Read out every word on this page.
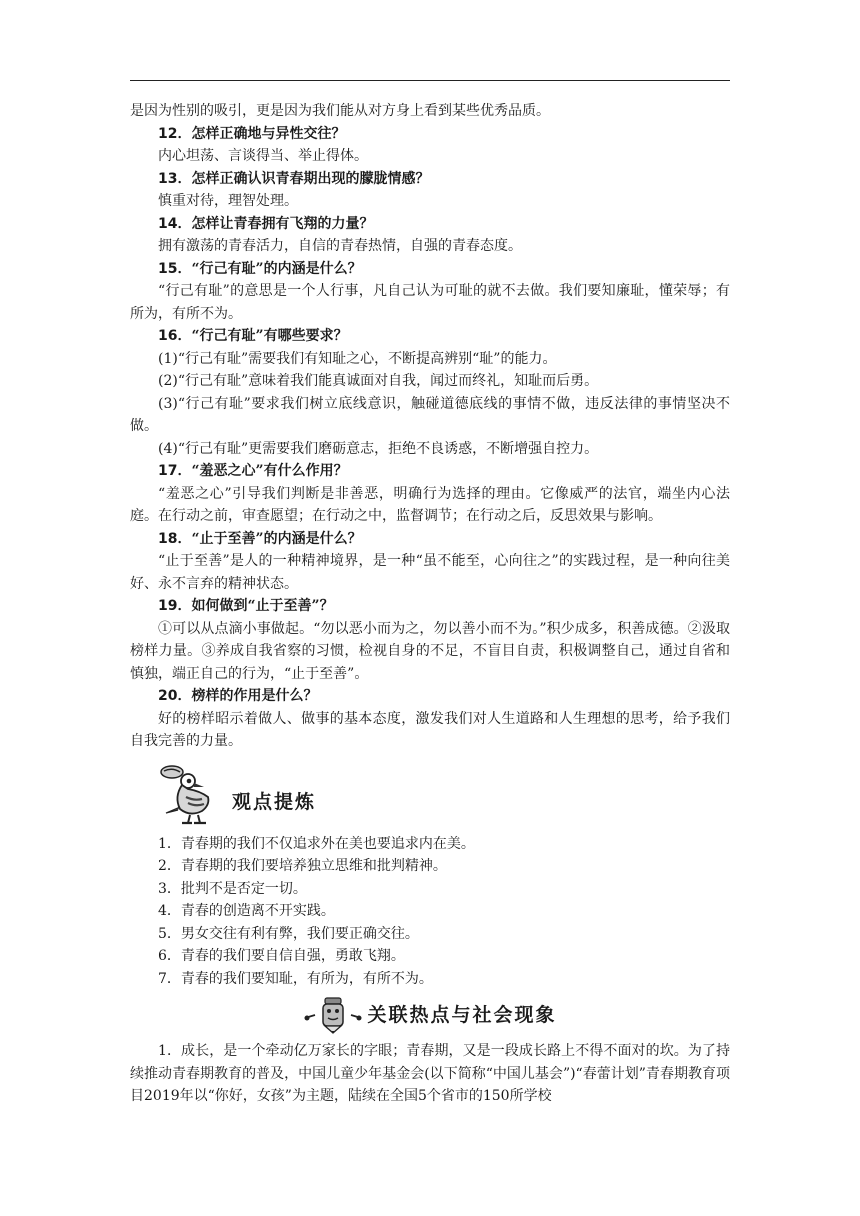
是因为性别的吸引，更是因为我们能从对方身上看到某些优秀品质。

12．怎样正确地与异性交往？

内心坦荡、言谈得当、举止得体。

13．怎样正确认识青春期出现的朦胧情感？

慎重对待，理智处理。

14．怎样让青春拥有飞翔的力量？

拥有激荡的青春活力，自信的青春热情，自强的青春态度。

15．“行己有耻”的内涵是什么？

“行己有耻”的意思是一个人行事，凡自己认为可耻的就不去做。我们要知廉耻，懂荣辱；有所为，有所不为。

16．“行己有耻”有哪些要求？

(1)“行己有耻”需要我们有知耻之心，不断提高辨别“耻”的能力。

(2)“行己有耻”意味着我们能真诚面对自我，闻过而终礼，知耻而后勇。

(3)“行己有耻”要求我们树立底线意识，触碰道德底线的事情不做，违反法律的事情坚决不做。

(4)“行己有耻”更需要我们磨砺意志，拒绝不良诱惑，不断增强自控力。

17．“羞恶之心”有什么作用？

“羞恶之心”引导我们判断是非善恶，明确行为选择的理由。它像威严的法官，端坐内心法庭。在行动之前，审查愿望；在行动之中，监督调节；在行动之后，反思效果与影响。

18．“止于至善”的内涵是什么？

“止于至善”是人的一种精神境界，是一种“虽不能至，心向往之”的实践过程，是一种向往美好、永不言弃的精神状态。

19．如何做到“止于至善”？

①可以从点滴小事做起。“勿以恶小而为之，勿以善小而不为。”积少成多，积善成德。②汲取榜样力量。③养成自我省察的习惯，检视自身的不足，不盲目自责，积极调整自己，通过自省和慎独，端正自己的行为，“止于至善”。

20．榜样的作用是什么？

好的榜样昭示着做人、做事的基本态度，激发我们对人生道路和人生理想的思考，给予我们自我完善的力量。

观点提炼

1．青春期的我们不仅追求外在美也要追求内在美。

2．青春期的我们要培养独立思维和批判精神。

3．批判不是否定一切。

4．青春的创造离不开实践。

5．男女交往有利有弊，我们要正确交往。

6．青春的我们要自信自强，勇敢飞翔。

7．青春的我们要知耻，有所为，有所不为。

关联热点与社会现象

1．成长，是一个牵动亿万家长的字眼；青春期，又是一段成长路上不得不面对的坎。为了持续推动青春期教育的普及，中国儿童少年基金会(以下简称“中国儿基会”)“春蕾计划”青春期教育项目2019年以“你好，女孩”为主题，陆续在全国5个省市的150所学校
